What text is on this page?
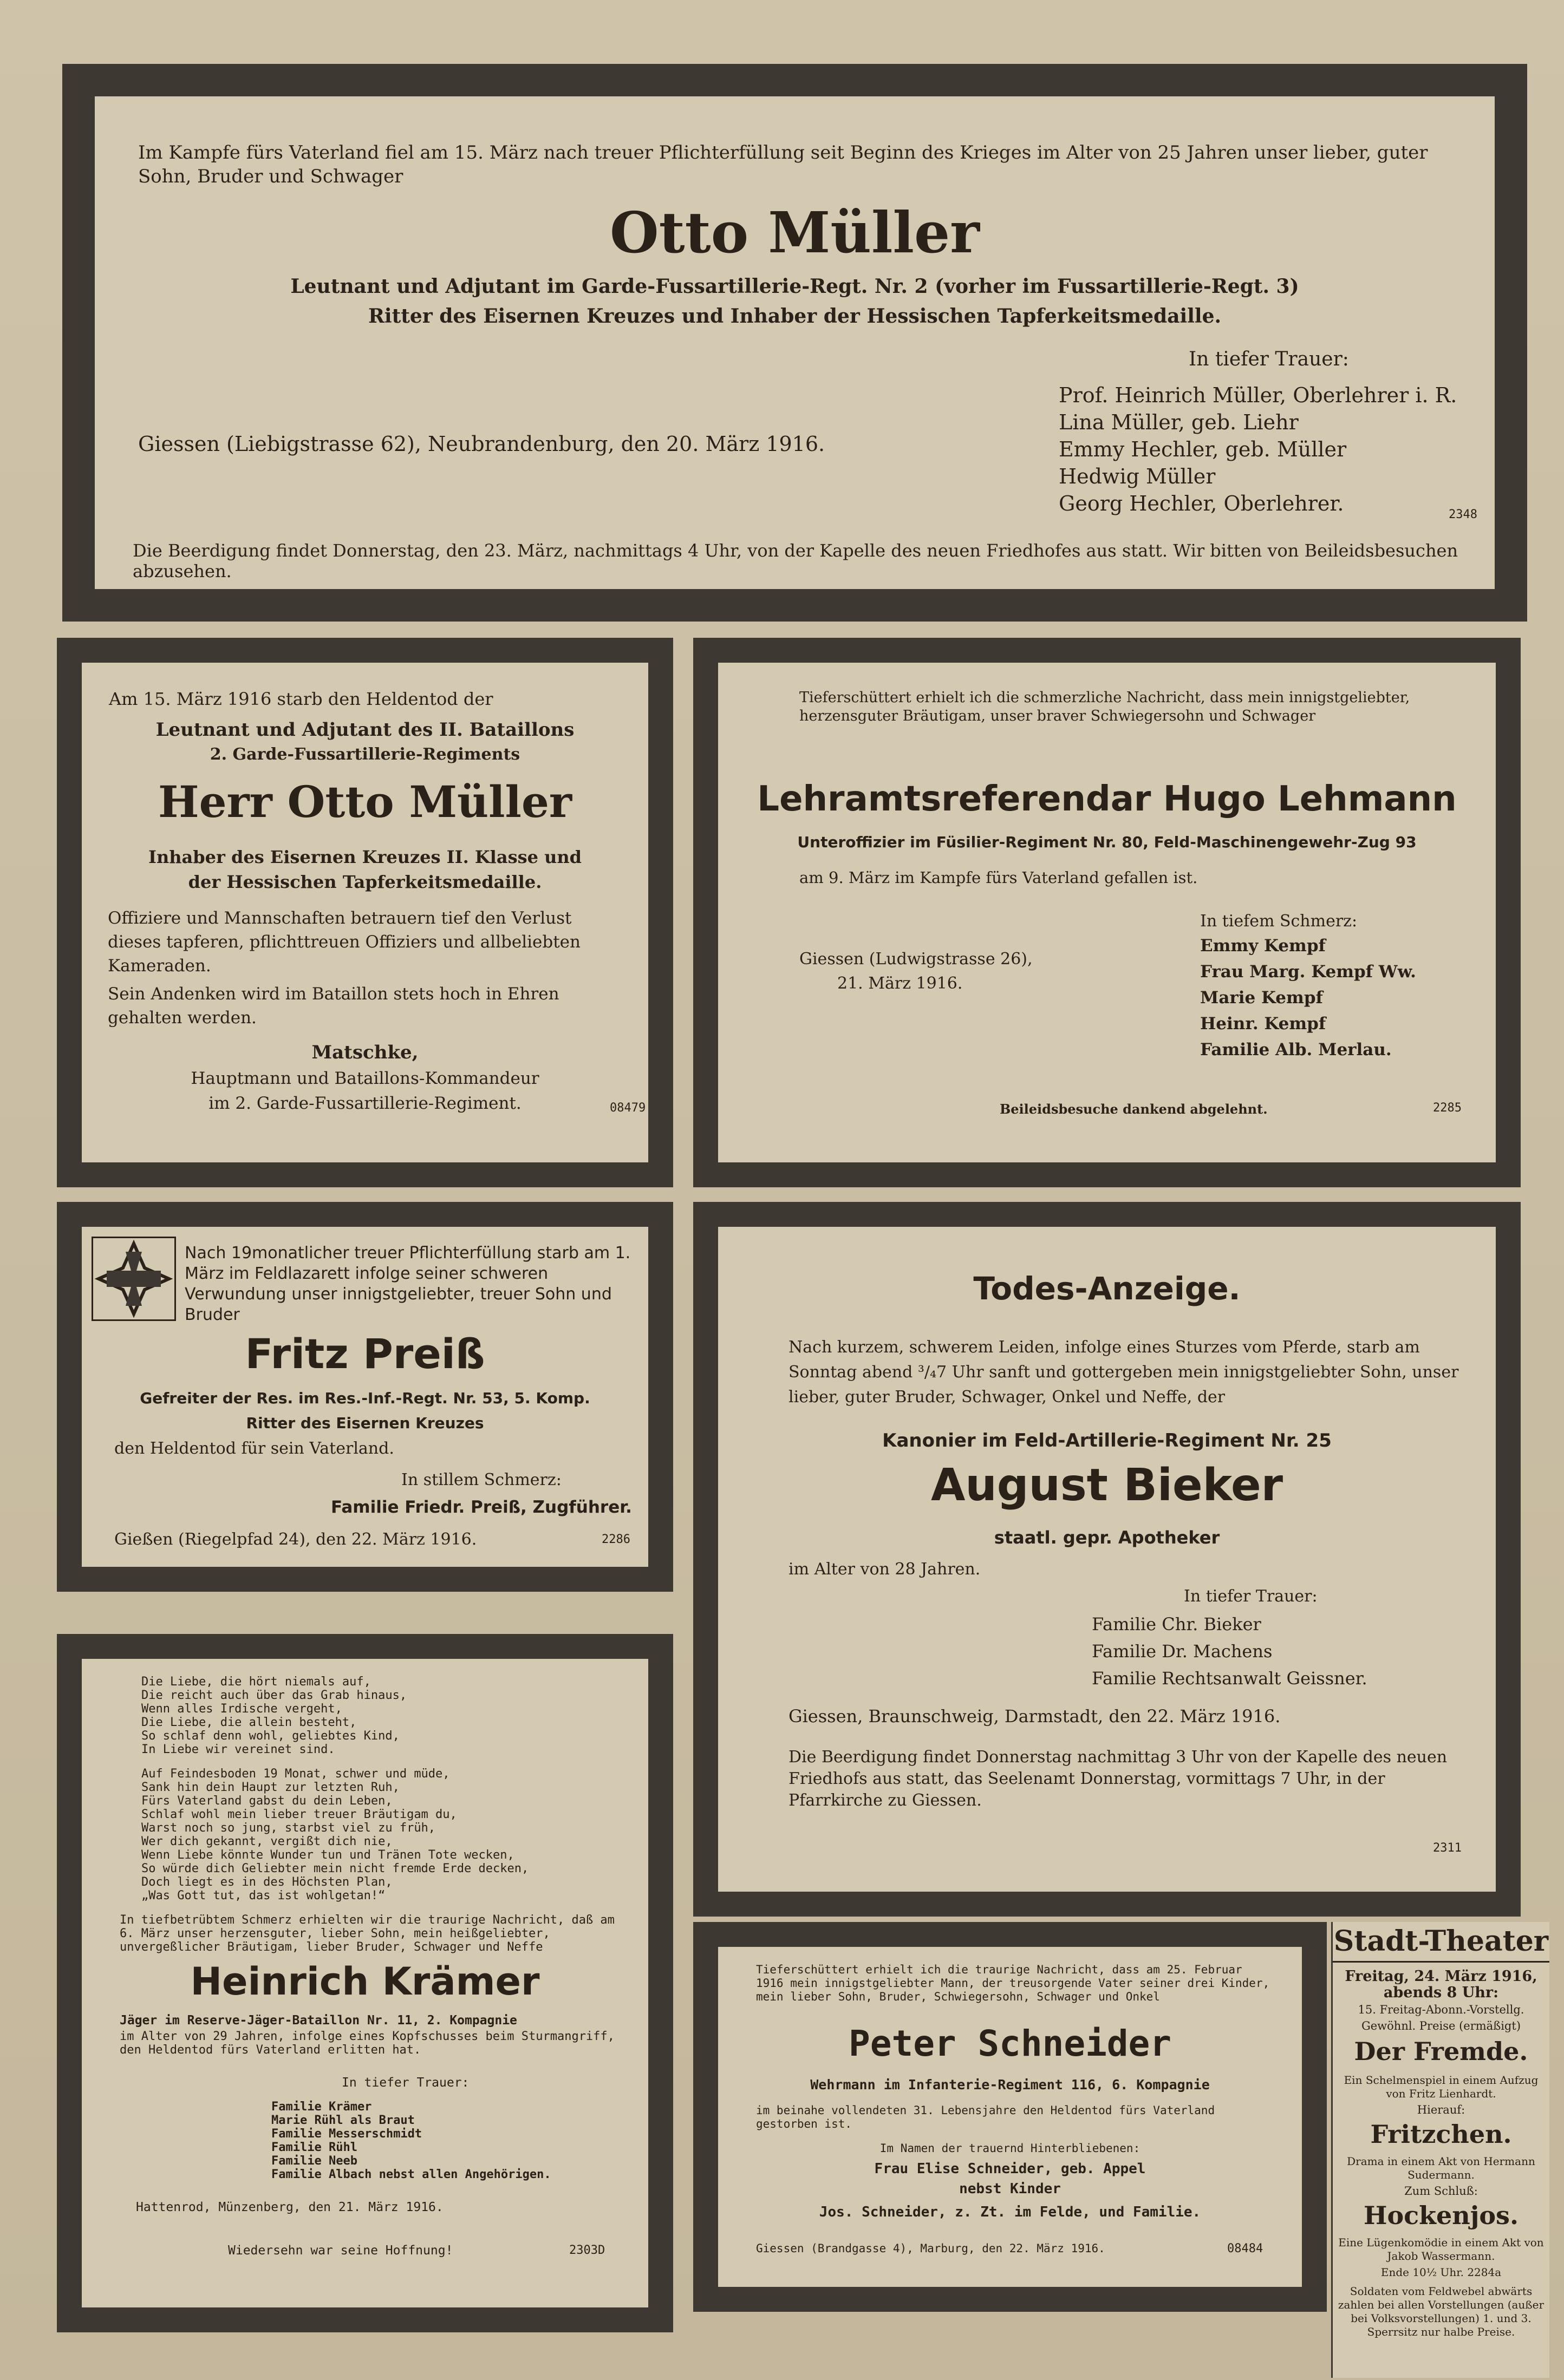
Im Kampfe fürs Vaterland fiel am 15. März nach treuer Pflichterfüllung seit Beginn des Krieges im Alter von 25 Jahren unser lieber, guter Sohn, Bruder und Schwager

Otto Müller

Leutnant und Adjutant im Garde-Fussartillerie-Regt. Nr. 2 (vorher im Fussartillerie-Regt. 3)

Ritter des Eisernen Kreuzes und Inhaber der Hessischen Tapferkeitsmedaille.

In tiefer Trauer:

Giessen (Liebigstrasse 62), Neubrandenburg, den 20. März 1916.

Prof. Heinrich Müller, Oberlehrer i. R.

Lina Müller, geb. Liehr

Emmy Hechler, geb. Müller

Hedwig Müller

Georg Hechler, Oberlehrer.	2348

Die Beerdigung findet Donnerstag, den 23. März, nachmittags 4 Uhr, von der Kapelle des neuen Friedhofes aus statt. Wir bitten von Beileidsbesuchen abzusehen.

Am 15. März 1916 starb den Heldentod der

Leutnant und Adjutant des II. Bataillons

2. Garde-Fussartillerie-Regiments

Herr Otto Müller

Inhaber des Eisernen Kreuzes II. Klasse und

der Hessischen Tapferkeitsmedaille.

Offiziere und Mannschaften betrauern tief den Verlust dieses tapferen, pflichttreuen Offiziers und allbeliebten Kameraden.

Sein Andenken wird im Bataillon stets hoch in Ehren gehalten werden.

Matschke,

Hauptmann und Bataillons-Kommandeur

im 2. Garde-Fussartillerie-Regiment.	08479

Tieferschüttert erhielt ich die schmerzliche Nachricht, dass mein innigstgeliebter, herzensguter Bräutigam, unser braver Schwiegersohn und Schwager

Lehramtsreferendar Hugo Lehmann

Unteroffizier im Füsilier-Regiment Nr. 80, Feld-Maschinengewehr-Zug 93

am 9. März im Kampfe fürs Vaterland gefallen ist.

In tiefem Schmerz:

Giessen (Ludwigstrasse 26),

21. März 1916.

Emmy Kempf

Frau Marg. Kempf Ww.

Marie Kempf

Heinr. Kempf

Familie Alb. Merlau.

Beileidsbesuche dankend abgelehnt.	2285

Nach 19monatlicher treuer Pflichterfüllung starb am 1. März im Feldlazarett infolge seiner schweren Verwundung unser innigstgeliebter, treuer Sohn und Bruder

Fritz Preiß

Gefreiter der Res. im Res.-Inf.-Regt. Nr. 53, 5. Komp.

Ritter des Eisernen Kreuzes

den Heldentod für sein Vaterland.

In stillem Schmerz:

Familie Friedr. Preiß, Zugführer.

Gießen (Riegelpfad 24), den 22. März 1916.	2286

Todes-Anzeige.

Nach kurzem, schwerem Leiden, infolge eines Sturzes vom Pferde, starb am Sonntag abend ³/₄7 Uhr sanft und gottergeben mein innigstgeliebter Sohn, unser lieber, guter Bruder, Schwager, Onkel und Neffe, der

Kanonier im Feld-Artillerie-Regiment Nr. 25

August Bieker

staatl. gepr. Apotheker

im Alter von 28 Jahren.

In tiefer Trauer:

Familie Chr. Bieker

Familie Dr. Machens

Familie Rechtsanwalt Geissner.

Giessen, Braunschweig, Darmstadt, den 22. März 1916.

Die Beerdigung findet Donnerstag nachmittag 3 Uhr von der Kapelle des neuen Friedhofs aus statt, das Seelenamt Donnerstag, vormittags 7 Uhr, in der Pfarrkirche zu Giessen.

2311
Die Liebe, die hört niemals auf,
Die reicht auch über das Grab hinaus,
Wenn alles Irdische vergeht,
Die Liebe, die allein besteht,
So schlaf denn wohl, geliebtes Kind,
In Liebe wir vereinet sind.
Auf Feindesboden 19 Monat, schwer und müde,
Sank hin dein Haupt zur letzten Ruh,
Fürs Vaterland gabst du dein Leben,
Schlaf wohl mein lieber treuer Bräutigam du,
Warst noch so jung, starbst viel zu früh,
Wer dich gekannt, vergißt dich nie,
Wenn Liebe könnte Wunder tun und Tränen Tote wecken,
So würde dich Geliebter mein nicht fremde Erde decken,
Doch liegt es in des Höchsten Plan,
„Was Gott tut, das ist wohlgetan!“

In tiefbetrübtem Schmerz erhielten wir die traurige Nachricht, daß am 6. März unser herzensguter, lieber Sohn, mein heißgeliebter, unvergeßlicher Bräutigam, lieber Bruder, Schwager und Neffe

Heinrich Krämer

Jäger im Reserve-Jäger-Bataillon Nr. 11, 2. Kompagnie

im Alter von 29 Jahren, infolge eines Kopfschusses beim Sturmangriff, den Heldentod fürs Vaterland erlitten hat.

In tiefer Trauer:

Familie Krämer
Marie Rühl als Braut
Familie Messerschmidt
Familie Rühl
Familie Neeb
Familie Albach nebst allen Angehörigen.

Hattenrod, Münzenberg, den 21. März 1916.

Wiedersehn war seine Hoffnung!	2303D

Tieferschüttert erhielt ich die traurige Nachricht, dass am 25. Februar 1916 mein innigstgeliebter Mann, der treusorgende Vater seiner drei Kinder, mein lieber Sohn, Bruder, Schwiegersohn, Schwager und Onkel

Peter Schneider

Wehrmann im Infanterie-Regiment 116, 6. Kompagnie

im beinahe vollendeten 31. Lebensjahre den Heldentod fürs Vaterland gestorben ist.

Im Namen der trauernd Hinterbliebenen:

Frau Elise Schneider, geb. Appel

nebst Kinder

Jos. Schneider, z. Zt. im Felde, und Familie.

Giessen (Brandgasse 4), Marburg, den 22. März 1916.	08484

Stadt-Theater

Freitag, 24. März 1916,

abends 8 Uhr:

15. Freitag-Abonn.-Vorstellg.

Gewöhnl. Preise (ermäßigt)

Der Fremde.

Ein Schelmenspiel in einem Aufzug von Fritz Lienhardt.

Hierauf:

Fritzchen.

Drama in einem Akt von Hermann Sudermann.

Zum Schluß:

Hockenjos.

Eine Lügenkomödie in einem Akt von Jakob Wassermann.

Ende 10½ Uhr. 2284a

Soldaten vom Feldwebel abwärts zahlen bei allen Vorstellungen (außer bei Volksvorstellungen) 1. und 3. Sperrsitz nur halbe Preise.
